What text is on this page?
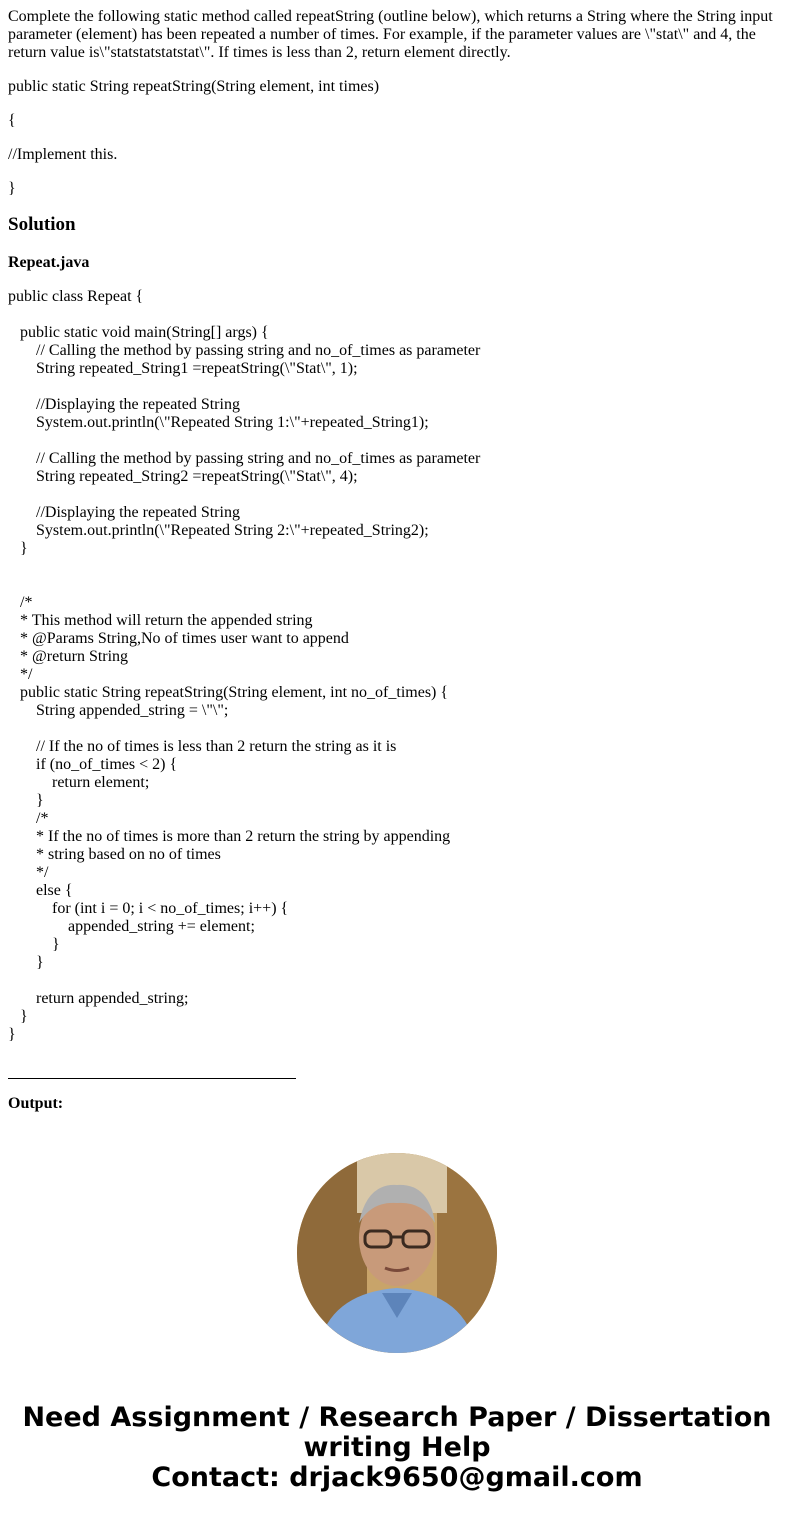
Complete the following static method called repeatString (outline below), which returns a String where the String input parameter (element) has been repeated a number of times. For example, if the parameter values are \"stat\" and 4, the return value is\"statstatstatstat\". If times is less than 2, return element directly.

public static String repeatString(String element, int times)

{

//Implement this.

}

Solution

Repeat.java

public class Repeat {

public static void main(String[] args) {
// Calling the method by passing string and no_of_times as parameter
String repeated_String1 =repeatString(\"Stat\", 1);

//Displaying the repeated String
System.out.println(\"Repeated String 1:\"+repeated_String1);

// Calling the method by passing string and no_of_times as parameter
String repeated_String2 =repeatString(\"Stat\", 4);

//Displaying the repeated String
System.out.println(\"Repeated String 2:\"+repeated_String2);
}

/*
* This method will return the appended string
* @Params String,No of times user want to append
* @return String
*/
public static String repeatString(String element, int no_of_times) {
String appended_string = \"\";

// If the no of times is less than 2 return the string as it is
if (no_of_times < 2) {
return element;
}
/*
* If the no of times is more than 2 return the string by appending
* string based on no of times
*/
else {
for (int i = 0; i < no_of_times; i++) {
appended_string += element;
}
}

return appended_string;
}
}

Output:

Need Assignment / Research Paper / Dissertation
writing Help
Contact: drjack9650@gmail.com
